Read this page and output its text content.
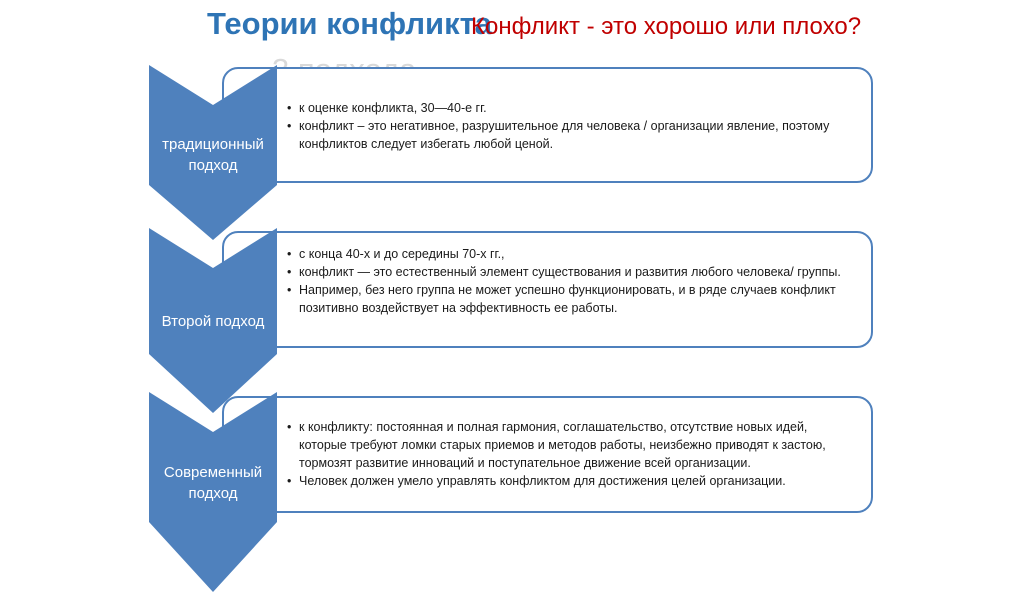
Теории конфликта
Конфликт - это хорошо или плохо?
• к оценке конфликта, 30—40-е гг.
• конфликт – это негативное, разрушительное для человека / организации явление, поэтому конфликтов следует избегать любой ценой.
традиционный подход
• с конца 40-х и до середины 70-х гг.,
• конфликт — это естественный элемент существования и развития любого человека/ группы.
• Например, без него группа не может успешно функционировать, и в ряде случаев конфликт позитивно воздействует на эффективность ее работы.
Второй подход
• к конфликту: постоянная и полная гармония, соглашательство, отсутствие новых идей, которые требуют ломки старых приемов и методов работы, неизбежно приводят к застою, тормозят развитие инноваций и поступательное движение всей организации.
• Человек должен умело управлять конфликтом для достижения целей организации.
Современный подход
